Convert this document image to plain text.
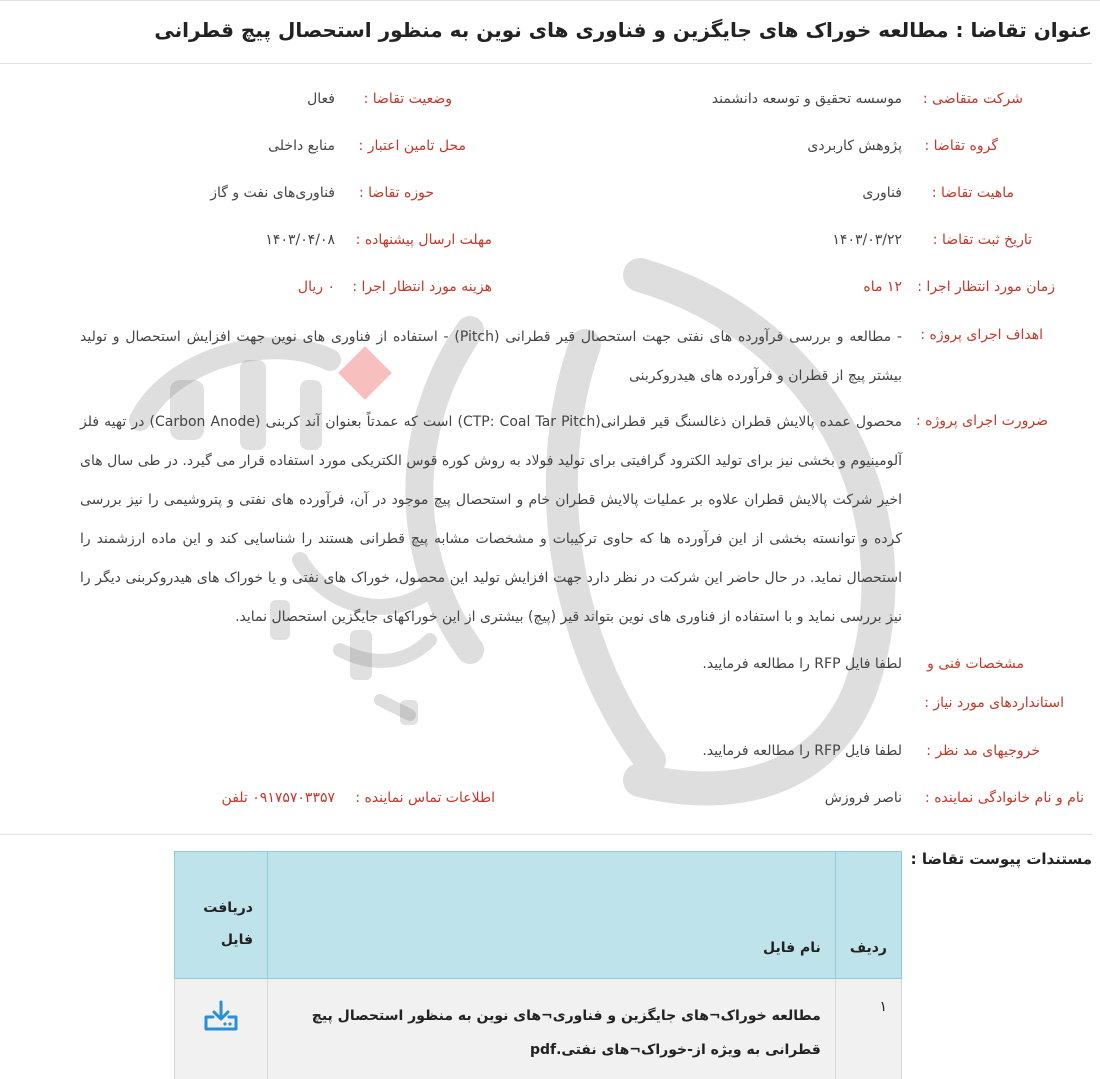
عنوان تقاضا : مطالعه خوراک های جایگزین و فناوری های نوین به منظور استحصال پیچ قطرانی
شرکت متقاضی :
موسسه تحقیق و توسعه دانشمند
وضعیت تقاضا :
فعال
گروه تقاضا :
پژوهش کاربردی
محل تامین اعتبار :
منابع داخلی
ماهیت تقاضا :
فناوری
حوزه تقاضا :
فناوری‌های نفت و گاز
تاریخ ثبت تقاضا :
۱۴۰۳/۰۳/۲۲
مهلت ارسال پیشنهاده :
۱۴۰۳/۰۴/۰۸
زمان مورد انتظار اجرا :
۱۲ ماه
هزینه مورد انتظار اجرا :
۰ ریال
اهداف اجرای پروژه :
- مطالعه و بررسی فرآورده های نفتی جهت استحصال قیر قطرانی (Pitch) - استفاده از فناوری های نوین جهت افزایش استحصال و تولید بیشتر پیچ از قطران و فرآورده های هیدروکربنی
ضرورت اجرای پروژه :
محصول عمده پالایش قطران ذغالسنگ قیر قطرانی(CTP: Coal Tar Pitch) است که عمدتاً بعنوان آند کربنی (Carbon Anode) در تهیه فلز آلومینیوم و بخشی نیز برای تولید الکترود گرافیتی برای تولید فولاد به روش کوره قوس الکتریکی مورد استفاده قرار می گیرد. در طی سال های اخیر شرکت پالایش قطران علاوه بر عملیات پالایش قطران خام و استحصال پیچ موجود در آن، فرآورده های نفتی و پتروشیمی را نیز بررسی کرده و توانسته بخشی از این فرآورده ها که حاوی ترکیبات و مشخصات مشابه پیچ قطرانی هستند را شناسایی کند و این ماده ارزشمند را استحصال نماید. در حال حاضر این شرکت در نظر دارد جهت افزایش تولید این محصول، خوراک های نفتی و یا خوراک های هیدروکربنی دیگر را نیز بررسی نماید و با استفاده از فناوری های نوین بتواند قیر (پیچ) بیشتری از این خوراکهای جایگزین استحصال نماید.
مشخصات فنی و
استانداردهای مورد نیاز :
لطفا فایل RFP را مطالعه فرمایید.
خروجیهای مد نظر :
لطفا فایل RFP را مطالعه فرمایید.
نام و نام خانوادگی نماینده :
ناصر فروزش
اطلاعات تماس نماینده :
۰۹۱۷۵۷۰۳۳۵۷ تلفن
مستندات پیوست تقاضا :
ردیف	نام فایل	دریافت
فایل

۱	مطالعه خوراک¬های جایگزین و فناوری¬های نوین به منظور استحصال پیچ قطرانی به ویژه از-خوراک¬های نفتی.pdf	
